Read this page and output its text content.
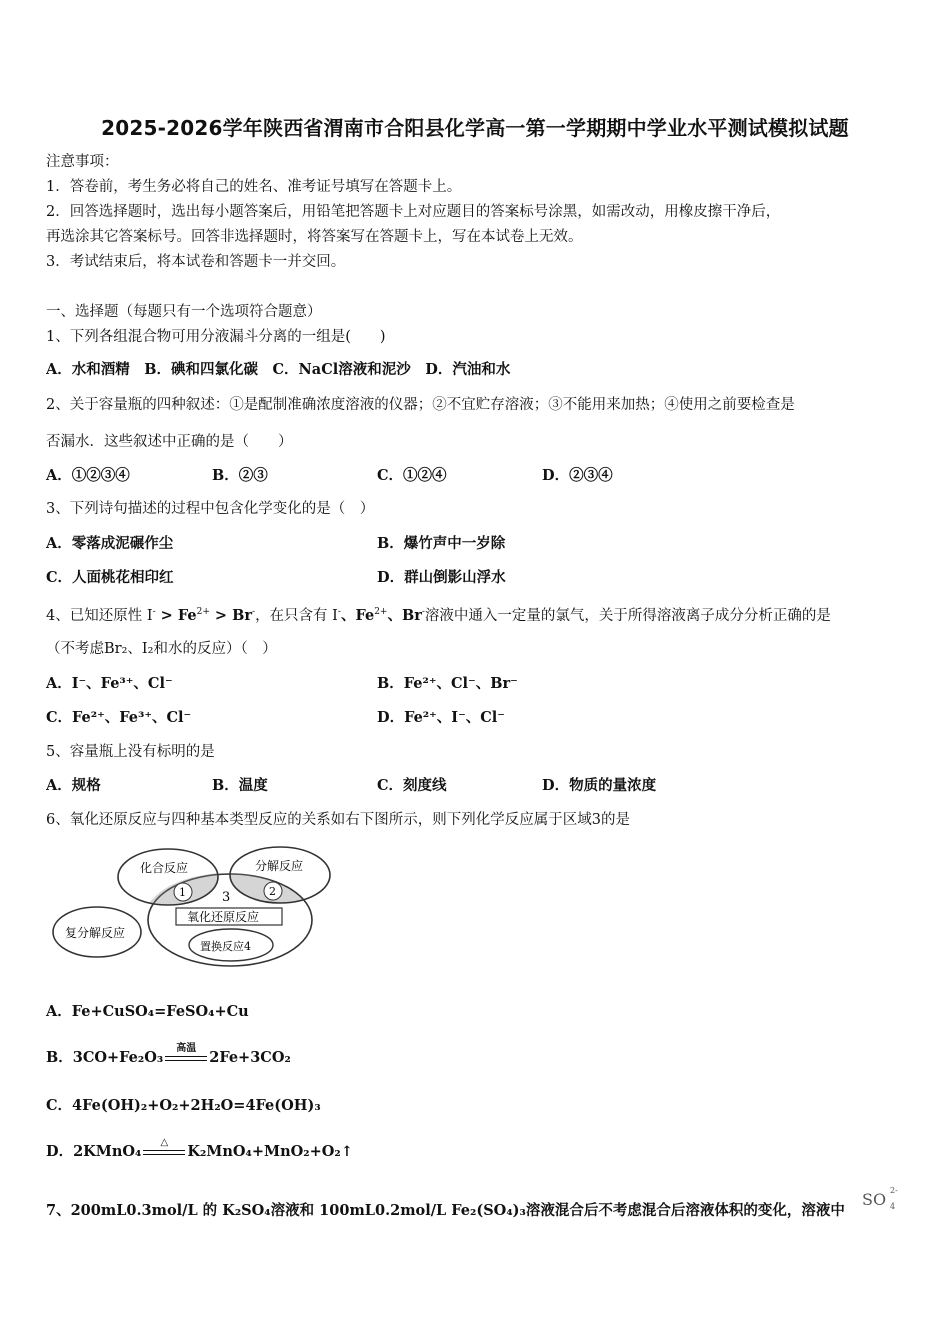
2025-2026学年陕西省渭南市合阳县化学高一第一学期期中学业水平测试模拟试题
注意事项：
1．答卷前，考生务必将自己的姓名、准考证号填写在答题卡上。
2．回答选择题时，选出每小题答案后，用铅笔把答题卡上对应题目的答案标号涂黑，如需改动，用橡皮擦干净后，
再选涂其它答案标号。回答非选择题时，将答案写在答题卡上，写在本试卷上无效。
3．考试结束后，将本试卷和答题卡一并交回。
一、选择题（每题只有一个选项符合题意）
1、下列各组混合物可用分液漏斗分离的一组是(　　)
A．水和酒精　B．碘和四氯化碳　C．NaCl溶液和泥沙　D．汽油和水
2、关于容量瓶的四种叙述：①是配制准确浓度溶液的仪器；②不宜贮存溶液；③不能用来加热；④使用之前要检查是
否漏水．这些叙述中正确的是（　　）
A．①②③④	B．②③	C．①②④	D．②③④
3、下列诗句描述的过程中包含化学变化的是（　）
A．零落成泥碾作尘	B．爆竹声中一岁除
C．人面桃花相印红	D．群山倒影山浮水
4、已知还原性 $I^- > Fe^{2+} > Br^-$，在只含有 I-、$Fe^{2+}$、Br-溶液中通入一定量的氯气，关于所得溶液离子成分分析正确的是
（不考虑Br₂、I₂和水的反应）（　）
A．I⁻、Fe³⁺、Cl⁻	B．Fe²⁺、Cl⁻、Br⁻
C．Fe²⁺、Fe³⁺、Cl⁻	D．Fe²⁺、I⁻、Cl⁻
5、容量瓶上没有标明的是
A．规格	B．温度	C．刻度线	D．物质的量浓度
6、氧化还原反应与四种基本类型反应的关系如右下图所示，则下列化学反应属于区域3的是
化合反应	分解反应
复分解反应
氧化还原反应
置换反应4
1	2
3
A．Fe+CuSO₄=FeSO₄+Cu
B．3CO+Fe₂O₃
高温
2Fe+3CO₂
C．4Fe(OH)₂+O₂+2H₂O=4Fe(OH)₃
D．2KMnO₄
△
K₂MnO₄+MnO₂+O₂↑
7、200mL0.3mol/L 的 K₂SO₄溶液和 100mL0.2mol/L Fe₂(SO₄)₃溶液混合后不考虑混合后溶液体积的变化，溶液中
SO 2-
4
